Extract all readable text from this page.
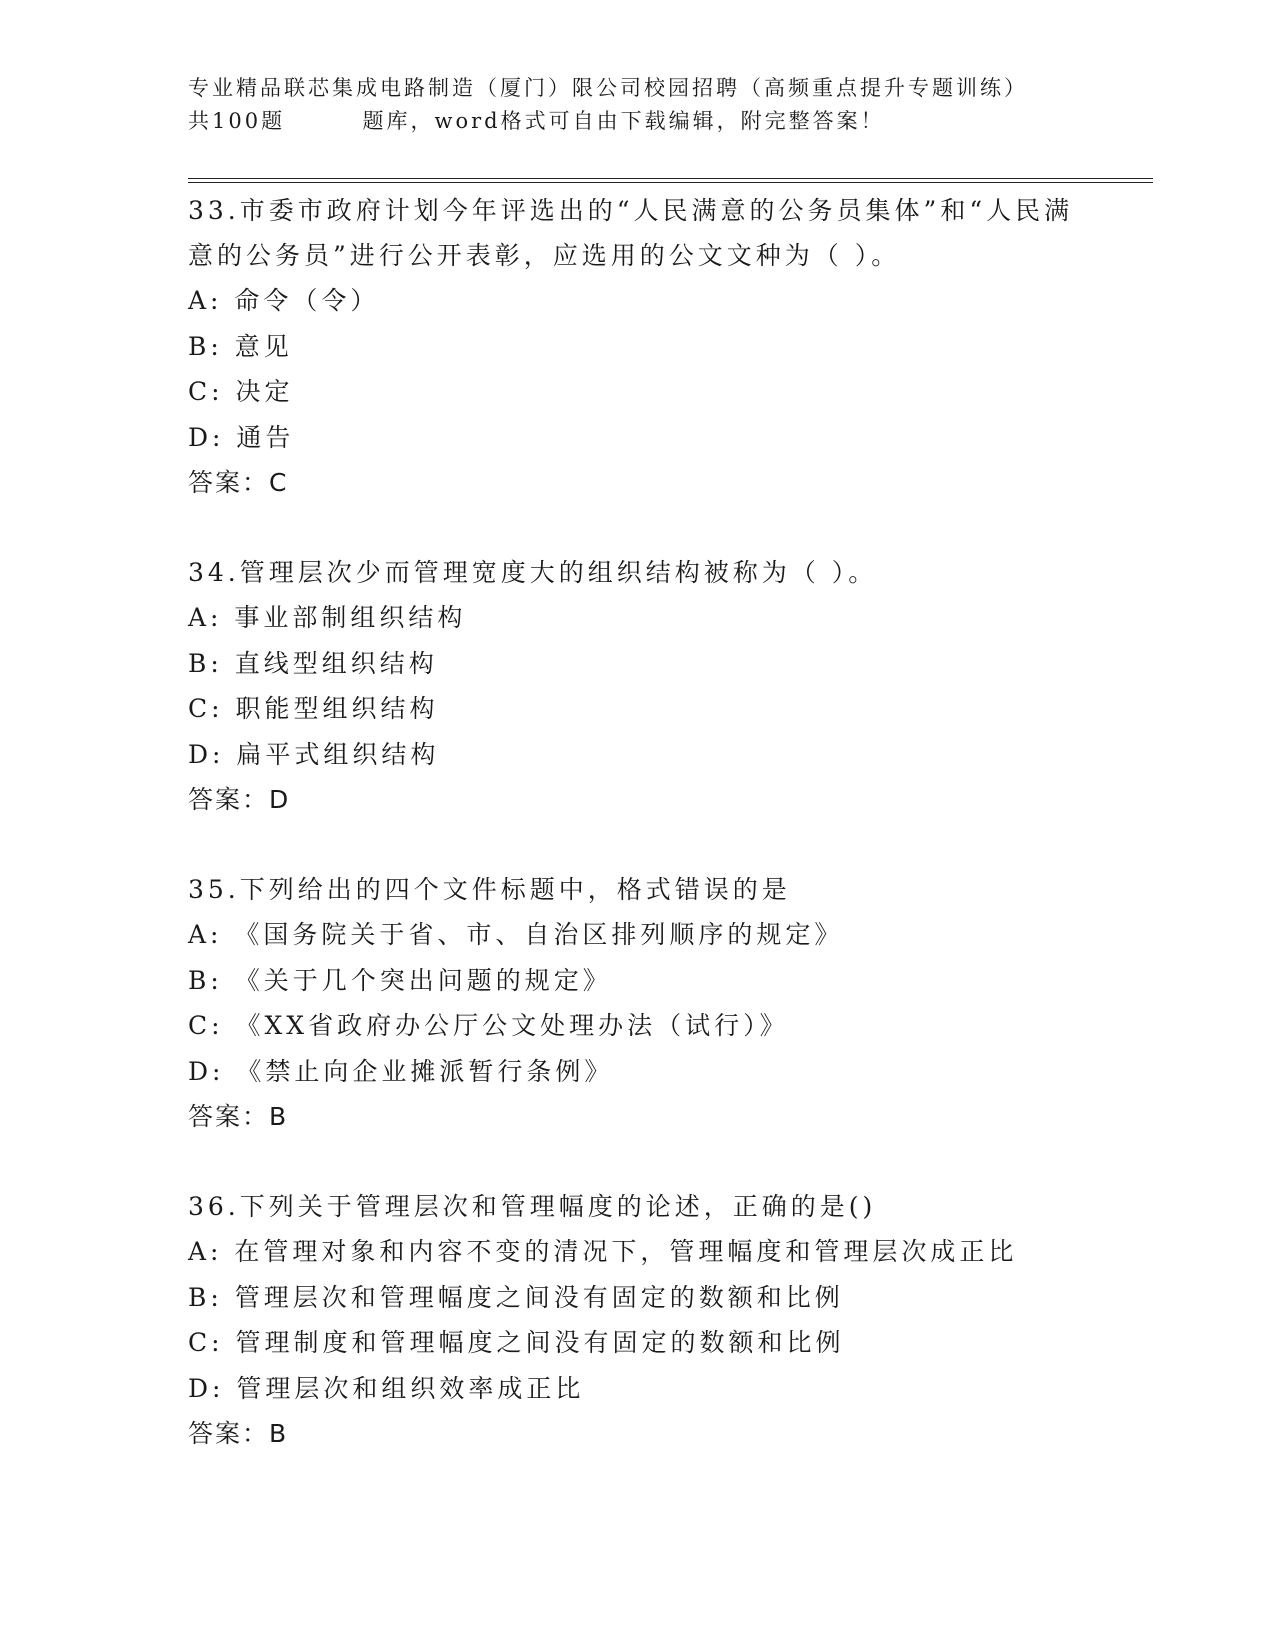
专业精品联芯集成电路制造（厦门）限公司校园招聘（高频重点提升专题训练）
共100题        题库，word格式可自由下载编辑，附完整答案！
33.市委市政府计划今年评选出的“人民满意的公务员集体”和“人民满意的公务员”进行公开表彰，应选用的公文文种为（ ）。
A: 命令（令）
B: 意见
C: 决定
D: 通告
答案：C
34.管理层次少而管理宽度大的组织结构被称为（ ）。
A: 事业部制组织结构
B: 直线型组织结构
C: 职能型组织结构
D: 扁平式组织结构
答案：D
35.下列给出的四个文件标题中，格式错误的是
A: 《国务院关于省、市、自治区排列顺序的规定》
B: 《关于几个突出问题的规定》
C: 《XX省政府办公厅公文处理办法（试行）》
D: 《禁止向企业摊派暂行条例》
答案：B
36.下列关于管理层次和管理幅度的论述，正确的是()
A: 在管理对象和内容不变的清况下，管理幅度和管理层次成正比
B: 管理层次和管理幅度之间没有固定的数额和比例
C: 管理制度和管理幅度之间没有固定的数额和比例
D: 管理层次和组织效率成正比
答案：B
